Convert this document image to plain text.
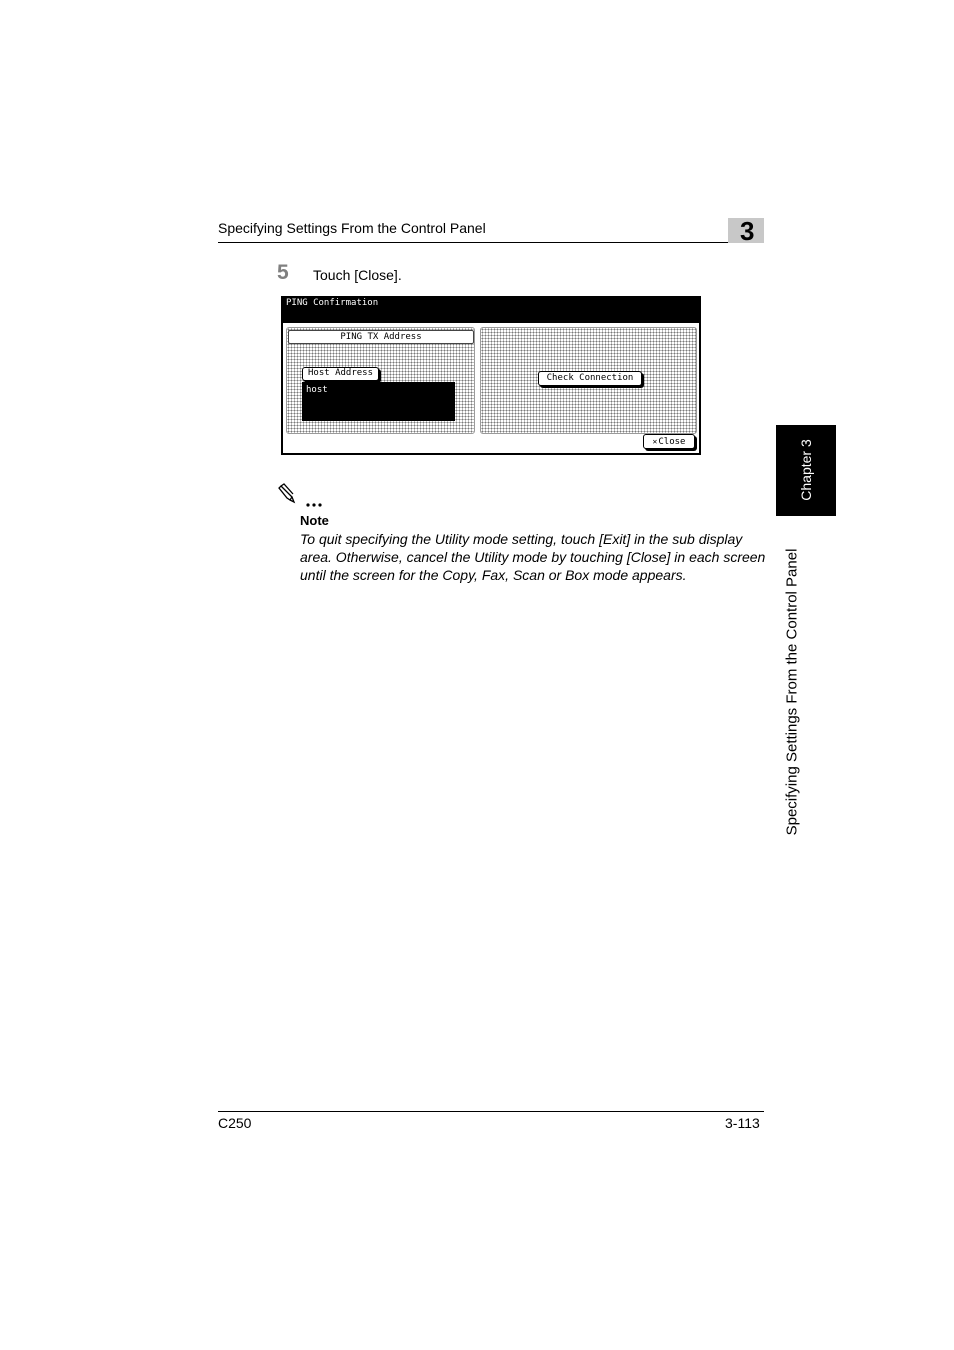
Specifying Settings From the Control Panel	3
5 Touch [Close].
PING Confirmation
PING TX Address
Host Address
host
Check Connection
✕Close
Note
To quit specifying the Utility mode setting, touch [Exit] in the sub display area. Otherwise, cancel the Utility mode by touching [Close] in each screen until the screen for the Copy, Fax, Scan or Box mode appears.
Chapter 3
Specifying Settings From the Control Panel
C250	3-113
